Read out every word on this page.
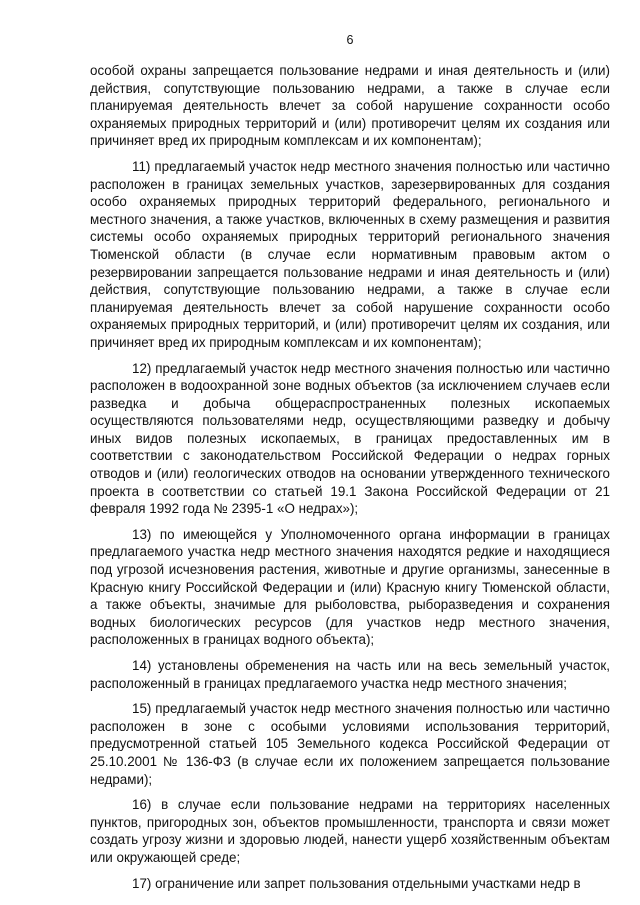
6

особой охраны запрещается пользование недрами и иная деятельность и (или) действия, сопутствующие пользованию недрами, а также в случае если планируемая деятельность влечет за собой нарушение сохранности особо охраняемых природных территорий и (или) противоречит целям их создания или причиняет вред их природным комплексам и их компонентам);

11) предлагаемый участок недр местного значения полностью или частично расположен в границах земельных участков, зарезервированных для создания особо охраняемых природных территорий федерального, регионального и местного значения, а также участков, включенных в схему размещения и развития системы особо охраняемых природных территорий регионального значения Тюменской области (в случае если нормативным правовым актом о резервировании запрещается пользование недрами и иная деятельность и (или) действия, сопутствующие пользованию недрами, а также в случае если планируемая деятельность влечет за собой нарушение сохранности особо охраняемых природных территорий, и (или) противоречит целям их создания, или причиняет вред их природным комплексам и их компонентам);

12) предлагаемый участок недр местного значения полностью или частично расположен в водоохранной зоне водных объектов (за исключением случаев если разведка и добыча общераспространенных полезных ископаемых осуществляются пользователями недр, осуществляющими разведку и добычу иных видов полезных ископаемых, в границах предоставленных им в соответствии с законодательством Российской Федерации о недрах горных отводов и (или) геологических отводов на основании утвержденного технического проекта в соответствии со статьей 19.1 Закона Российской Федерации от 21 февраля 1992 года № 2395-1 «О недрах»);

13) по имеющейся у Уполномоченного органа информации в границах предлагаемого участка недр местного значения находятся редкие и находящиеся под угрозой исчезновения растения, животные и другие организмы, занесенные в Красную книгу Российской Федерации и (или) Красную книгу Тюменской области, а также объекты, значимые для рыболовства, рыборазведения и сохранения водных биологических ресурсов (для участков недр местного значения, расположенных в границах водного объекта);

14) установлены обременения на часть или на весь земельный участок, расположенный в границах предлагаемого участка недр местного значения;

15) предлагаемый участок недр местного значения полностью или частично расположен в зоне с особыми условиями использования территорий, предусмотренной статьей 105 Земельного кодекса Российской Федерации от 25.10.2001 № 136-ФЗ (в случае если их положением запрещается пользование недрами);

16) в случае если пользование недрами на территориях населенных пунктов, пригородных зон, объектов промышленности, транспорта и связи может создать угрозу жизни и здоровью людей, нанести ущерб хозяйственным объектам или окружающей среде;

17) ограничение или запрет пользования отдельными участками недр в
